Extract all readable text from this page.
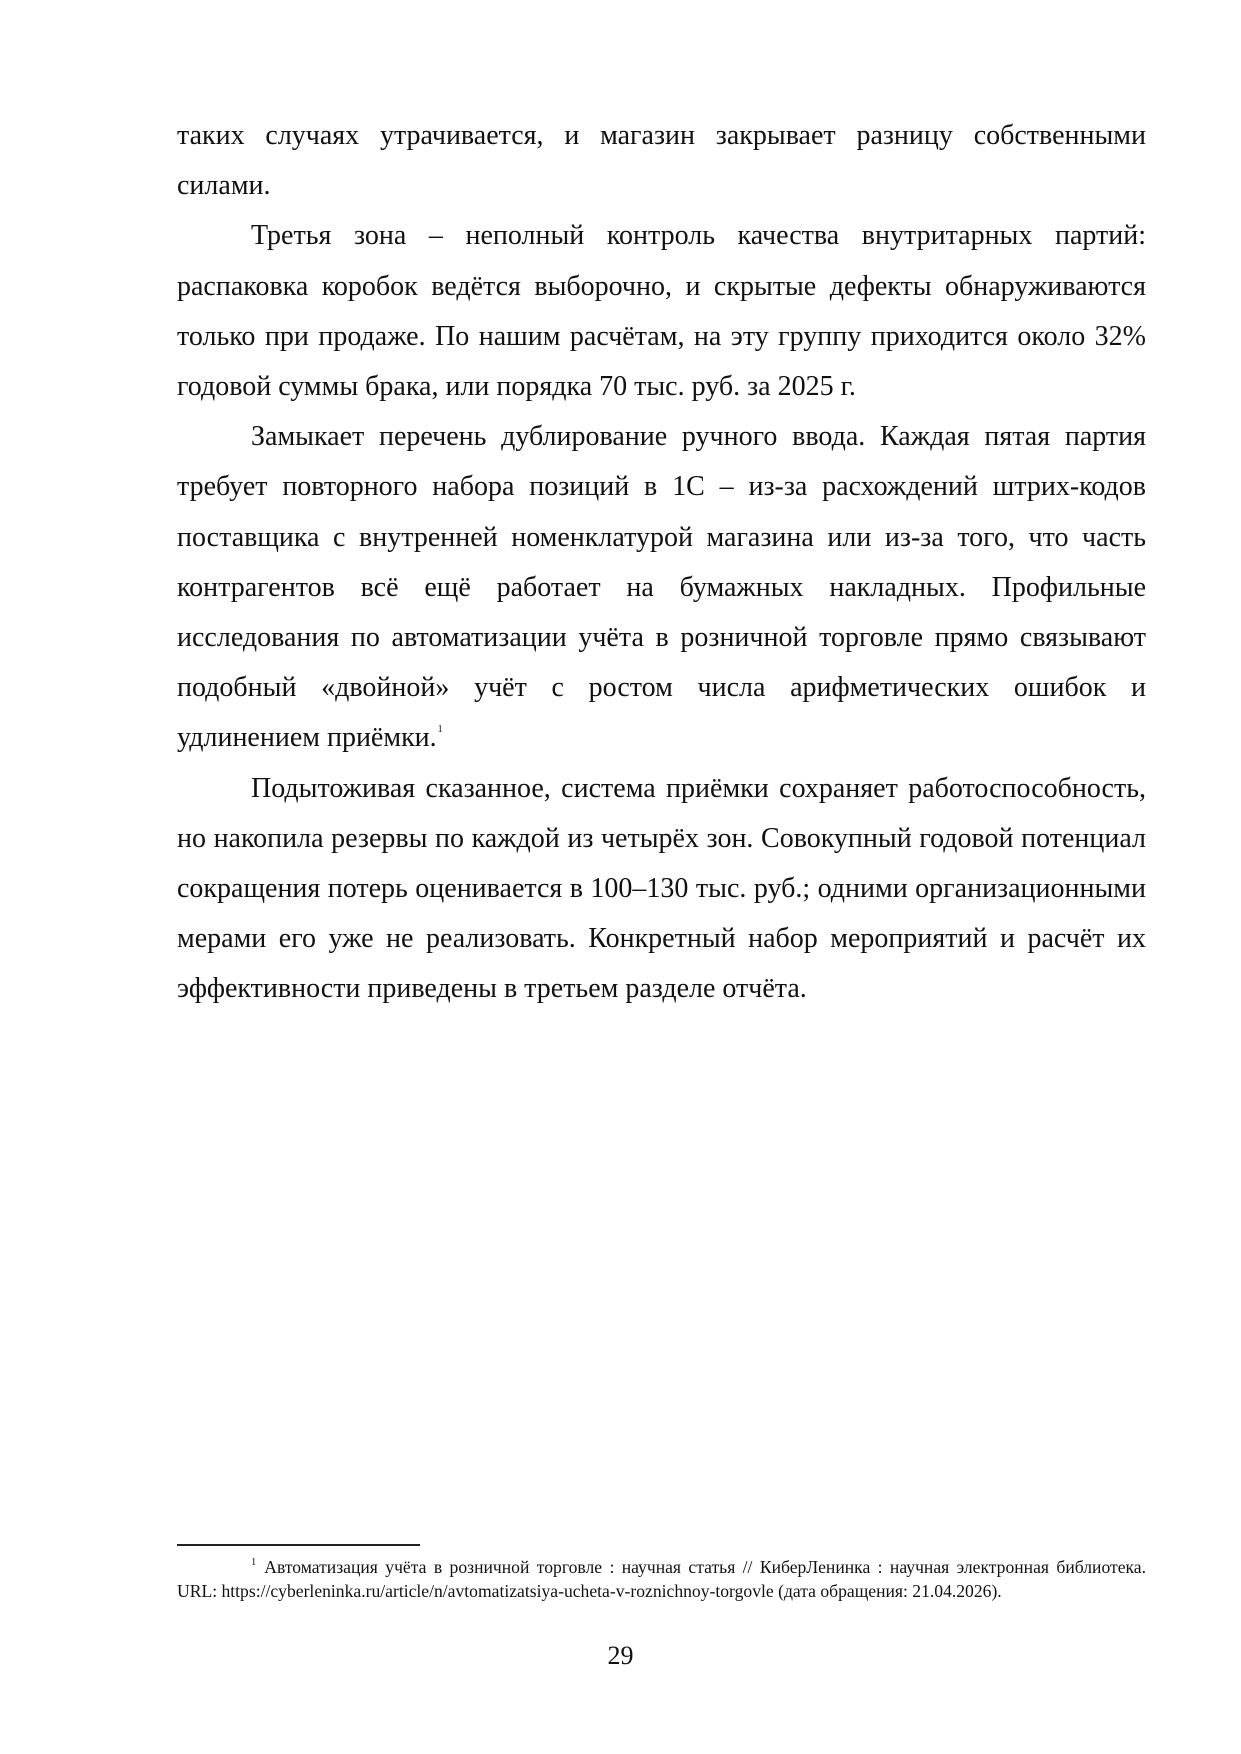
таких случаях утрачивается, и магазин закрывает разницу собственными силами.

Третья зона – неполный контроль качества внутритарных партий: распаковка коробок ведётся выборочно, и скрытые дефекты обнаруживаются только при продаже. По нашим расчётам, на эту группу приходится около 32% годовой суммы брака, или порядка 70 тыс. руб. за 2025 г.

Замыкает перечень дублирование ручного ввода. Каждая пятая партия требует повторного набора позиций в 1С – из-за расхождений штрих-кодов поставщика с внутренней номенклатурой магазина или из-за того, что часть контрагентов всё ещё работает на бумажных накладных. Профильные исследования по автоматизации учёта в розничной торговле прямо связывают подобный «двойной» учёт с ростом числа арифметических ошибок и удлинением приёмки.$^1$

Подытоживая сказанное, система приёмки сохраняет работоспособность, но накопила резервы по каждой из четырёх зон. Совокупный годовой потенциал сокращения потерь оценивается в 100–130 тыс. руб.; одними организационными мерами его уже не реализовать. Конкретный набор мероприятий и расчёт их эффективности приведены в третьем разделе отчёта.

$^1$ Автоматизация учёта в розничной торговле : научная статья // КиберЛенинка : научная электронная библиотека. URL: https://cyberleninka.ru/article/n/avtomatizatsiya-ucheta-v-roznichnoy-torgovle (дата обращения: 21.04.2026).

29
